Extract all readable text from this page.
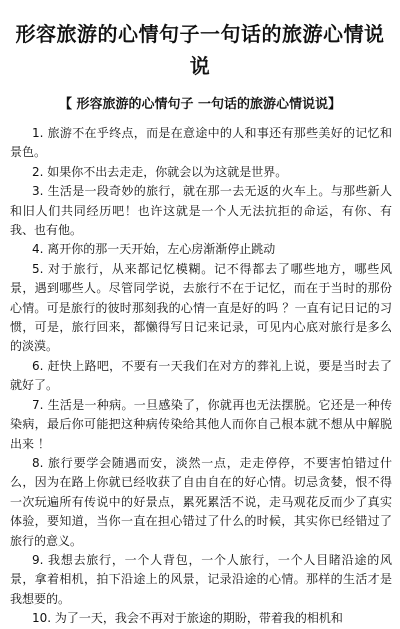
形容旅游的心情句子一句话的旅游心情说说
【 形容旅游的心情句子 一句话的旅游心情说说】

1. 旅游不在乎终点，而是在意途中的人和事还有那些美好的记忆和景色。

2. 如果你不出去走走，你就会以为这就是世界。

3. 生活是一段奇妙的旅行，就在那一去无返的火车上。与那些新人和旧人们共同经历吧！也许这就是一个人无法抗拒的命运，有你、有我、也有他。

4. 离开你的那一天开始，左心房渐渐停止跳动

5. 对于旅行，从来都记忆模糊。记不得都去了哪些地方，哪些风景，遇到哪些人。尽管同学说，去旅行不在于记忆，而在于当时的那份心情。可是旅行的彼时那刻我的心情一直是好的吗 ？一直有记日记的习惯，可是，旅行回来，都懒得写日记来记录，可见内心底对旅行是多么的淡漠。

6. 赶快上路吧，不要有一天我们在对方的葬礼上说，要是当时去了就好了。

7. 生活是一种病。一旦感染了，你就再也无法摆脱。它还是一种传染病，最后你可能把这种病传染给其他人而你自己根本就不想从中解脱出来 ！

8. 旅行要学会随遇而安，淡然一点，走走停停，不要害怕错过什么，因为在路上你就已经收获了自由自在的好心情。切忌贪婪，恨不得一次玩遍所有传说中的好景点，累死累活不说，走马观花反而少了真实体验，要知道，当你一直在担心错过了什么的时候，其实你已经错过了旅行的意义。

9. 我想去旅行，一个人背包，一个人旅行，一个人目睹沿途的风景，拿着相机，拍下沿途上的风景，记录沿途的心情。那样的生活才是我想要的。

10. 为了一天，我会不再对于旅途的期盼，带着我的相机和
